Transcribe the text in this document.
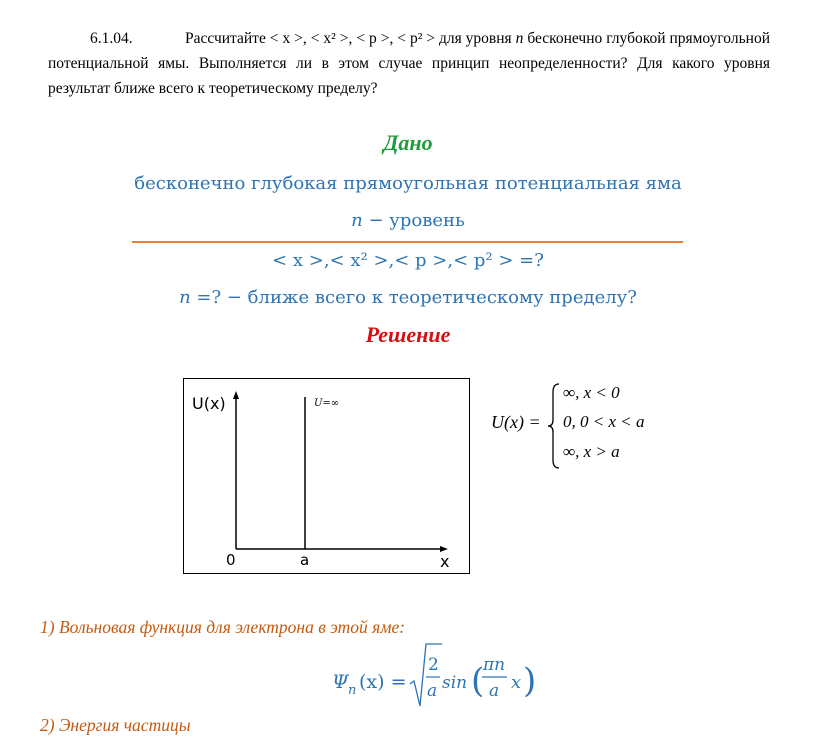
6.1.04.	Рассчитайте < x >, < x² >, < p >, < p² > для уровня n бесконечно глубокой прямоугольной потенциальной ямы. Выполняется ли в этом случае принцип неопределенности? Для какого уровня результат ближе всего к теоретическому пределу?
Дано
бесконечно глубокая прямоугольная потенциальная яма
n − уровень
< x >,< x² >,< p >,< p² > =?
n =? − ближе всего к теоретическому пределу?
Решение
U(x)	U=∞
0	a	x
U(x) =
∞, x < 0
0, 0 < x < a
∞, x > a
1) Вольновая функция для электрона в этой яме:
Ψ n (x) =
2
a sin (
πn
a x )
2) Энергия частицы
